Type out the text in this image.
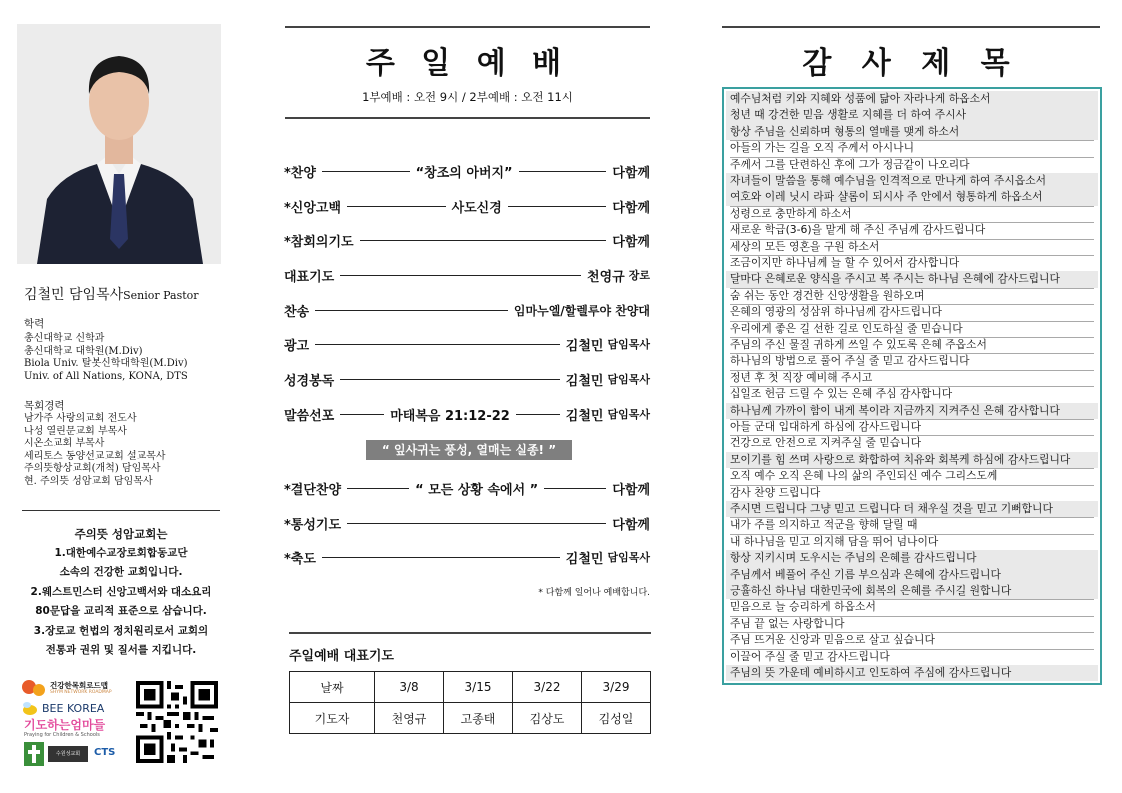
김철민 담임목사Senior Pastor
학력
총신대학교 신학과
총신대학교 대학원(M.Div)
Biola Univ. 탈봇신학대학원(M.Div)
Univ. of All Nations, KONA, DTS
목회경력
남가주 사랑의교회 전도사
나성 열린문교회 부목사
시온소교회 부목사
세리토스 동양선교교회 설교목사
주의뜻항상교회(개척) 담임목사
현. 주의뜻 성암교회 담임목사
주의뜻 성암교회는
1.대한예수교장로회합동교단
소속의 건강한 교회입니다.
2.웨스트민스터 신앙고백서와 대소요리
80문답을 교리적 표준으로 삼습니다.
3.장로교 헌법의 정치원리로서 교회의
전통과 권위 및 질서를 지킵니다.
건강한목회로드맵
SHYM NETWORK ROADMAP
BEE KOREA
기도하는엄마들
Praying for Children & Schools
수원성교회	CTS
주 일 예 배
1부예배 : 오전 9시 / 2부예배 : 오전 11시
*찬양	“창조의 아버지”	다함께
*신앙고백	사도신경	다함께
*참회의기도	다함께
대표기도	천영규 장로
찬송	임마누엘/할렐루야 찬양대
광고	김철민 담임목사
성경봉독	김철민 담임목사
말씀선포	마태복음 21:12-22	김철민 담임목사
“ 잎사귀는 풍성, 열매는 실종! ”
*결단찬양	“ 모든 상황 속에서 ”	다함께
*통성기도	다함께
*축도	김철민 담임목사
* 다함께 일어나 예배합니다.
주일예배 대표기도
날짜	3/8	3/15	3/22	3/29
기도자	천영규	고종태	김상도	김성일
감 사 제 목
예수님처럼 키와 지혜와 성품에 닮아 자라나게 하옵소서
청년 때 강건한 믿음 생활로 지혜를 더 하여 주시사
항상 주님을 신뢰하며 형통의 열매를 맺게 하소서
아들의 가는 길을 오직 주께서 아시나니
주께서 그를 단련하신 후에 그가 정금같이 나오리다
자녀들이 말씀을 통해 예수님을 인격적으로 만나게 하여 주시옵소서
여호와 이레 닛시 라파 샬롬이 되시사 주 안에서 형통하게 하옵소서
성령으로 충만하게 하소서
새로운 학급(3-6)을 맡게 해 주신 주님께 감사드립니다
세상의 모든 영혼을 구원 하소서
조금이지만 하나님께 늘 할 수 있어서 감사합니다
달마다 은혜로운 양식을 주시고 복 주시는 하나님 은혜에 감사드립니다
숨 쉬는 동안 경건한 신앙생활을 원하오며
은혜의 영광의 성삼위 하나님께 감사드립니다
우리에게 좋은 길 선한 길로 인도하실 줄 믿습니다
주님의 주신 물질 귀하게 쓰일 수 있도록 은혜 주옵소서
하나님의 방법으로 풀어 주실 줄 믿고 감사드립니다
정년 후 첫 직장 예비해 주시고
십일조 헌금 드릴 수 있는 은혜 주심 감사합니다
하나님께 가까이 함이 내게 복이라 지금까지 지켜주신 은혜 감사합니다
아들 군대 입대하게 하심에 감사드립니다
건강으로 안전으로 지켜주실 줄 믿습니다
모이기를 힘 쓰며 사랑으로 화합하여 치유와 회복케 하심에 감사드립니다
오직 예수 오직 은혜 나의 삶의 주인되신 예수 그리스도께
감사 찬양 드립니다
주시면 드립니다 그냥 믿고 드립니다 더 채우실 것을 믿고 기뻐합니다
내가 주를 의지하고 적군을 향해 달릴 때
내 하나님을 믿고 의지해 담을 뛰어 넘나이다
항상 지키시며 도우시는 주님의 은혜를 감사드립니다
주님께서 베풀어 주신 기름 부으심과 은혜에 감사드립니다
긍휼하신 하나님 대한민국에 회복의 은혜를 주시길 원합니다
믿음으로 늘 승리하게 하옵소서
주님 끝 없는 사랑합니다
주님 뜨거운 신앙과 믿음으로 살고 싶습니다
이끌어 주실 줄 믿고 감사드립니다
주님의 뜻 가운데 예비하시고 인도하여 주심에 감사드립니다
